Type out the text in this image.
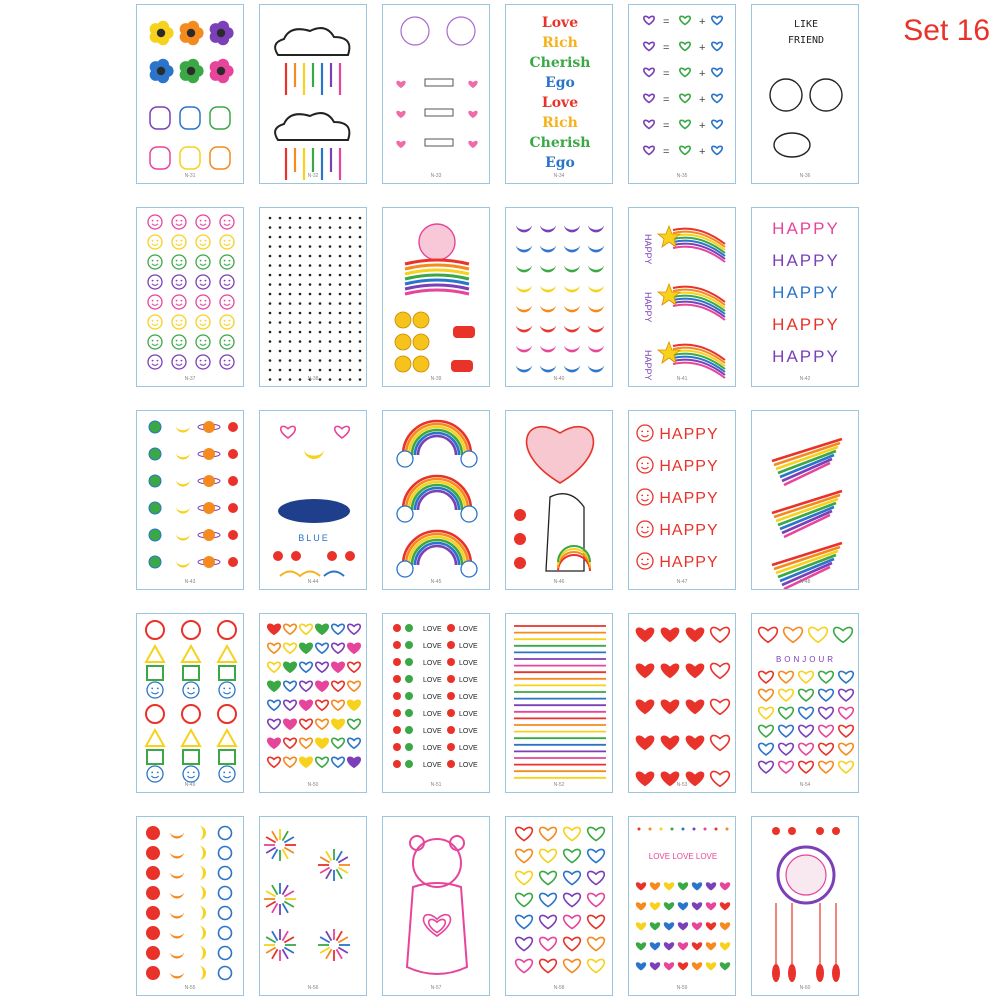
N-31	N-32	N-33
Love
Rich
Cherish
Ego
Love
Rich
Cherish
Ego
N-34
=	+
=	+
=	+
=	+
=	+
=	+
N-35
LIKE
FRIEND
N-36
N-37	N-38	N-39	N-40
HAPPY
HAPPY
HAPPY	N-41
HAPPY
HAPPY
HAPPY
HAPPY
HAPPY
N-42
N-43
BLUE
N-44	N-45	N-46
HAPPY
HAPPY
HAPPY
HAPPY
HAPPY
N-47	N-48
N-49	N-50
LOVE LOVE
LOVE LOVE
LOVE LOVE
LOVE LOVE
LOVE LOVE
LOVE LOVE
LOVE LOVE
LOVE LOVE
LOVE LOVE
N-51	N-52	N-53
BONJOUR
N-54
N-55	N-56	N-57	N-58
LOVE LOVE LOVE
N-59	N-60
Set 16
